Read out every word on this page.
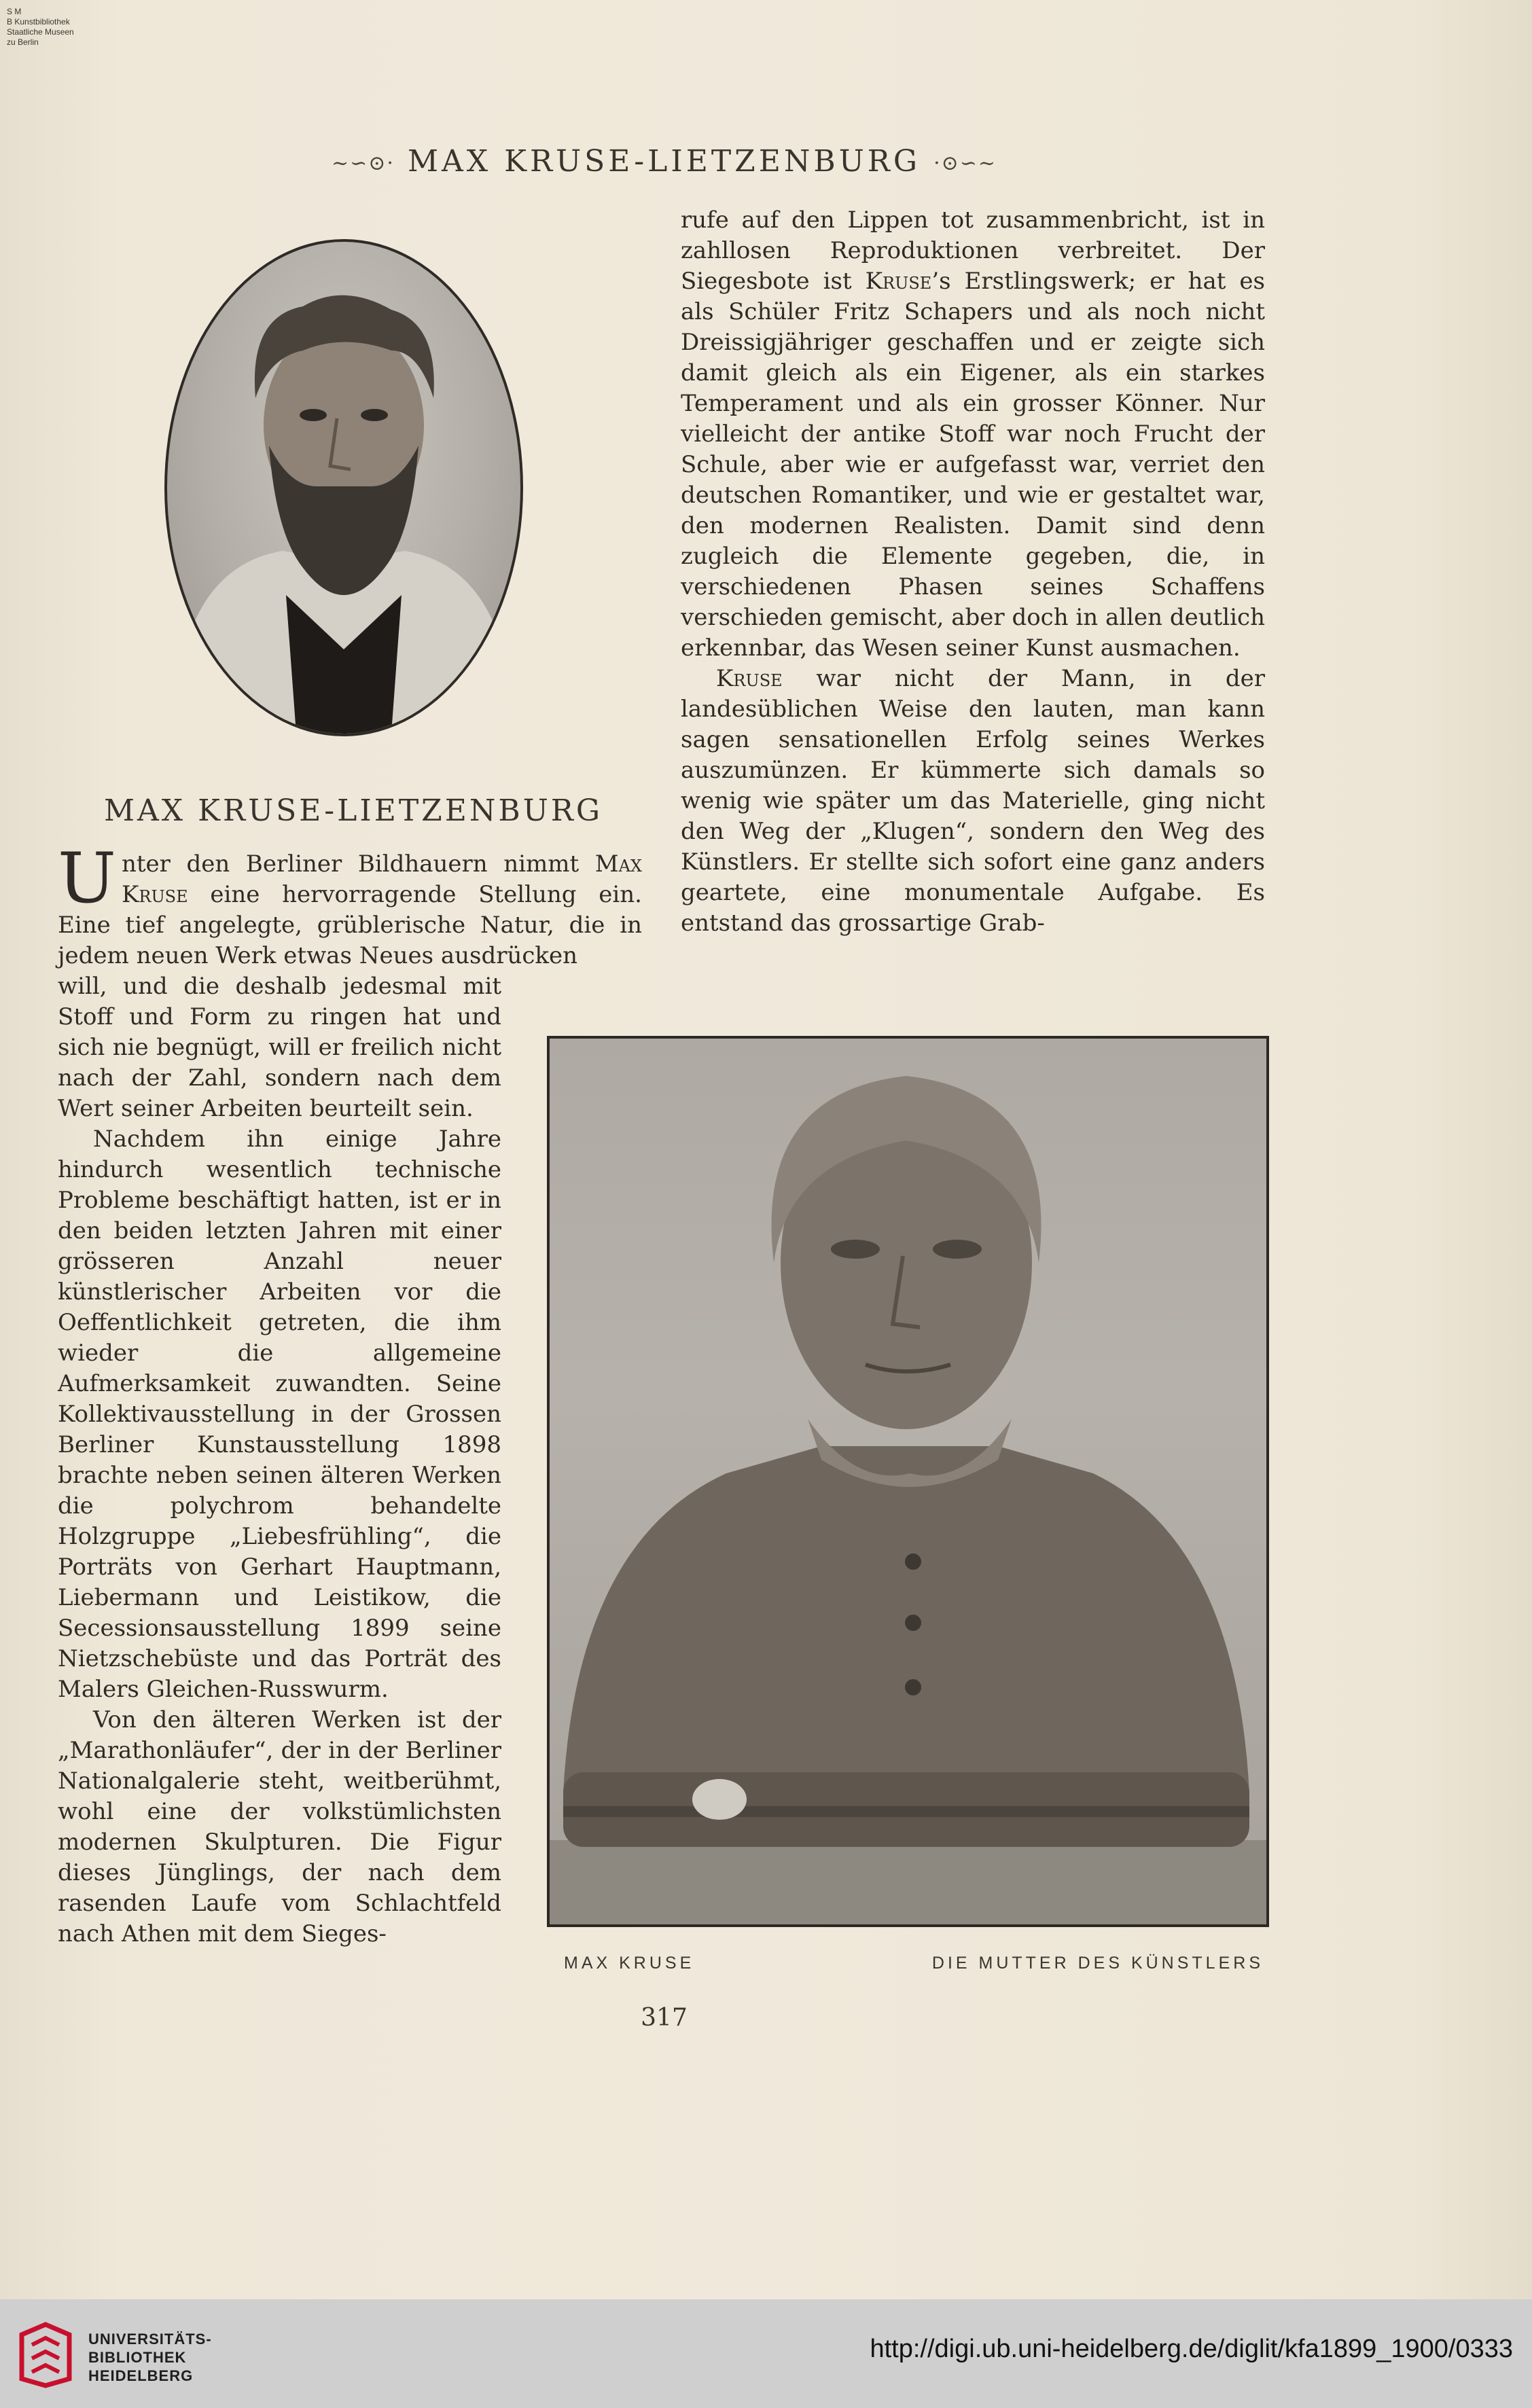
S M
B Kunstbibliothek
Staatliche Museen
zu Berlin
~∽⊙· MAX KRUSE-LIETZENBURG ·⊙∽~
MAX KRUSE-LIETZENBURG
Unter den Berliner Bildhauern nimmt Max Kruse eine hervorragende Stellung ein. Eine tief angelegte, grüblerische Natur, die in jedem neuen Werk etwas Neues ausdrücken

will, und die deshalb jedesmal mit Stoff und Form zu ringen hat und sich nie begnügt, will er freilich nicht nach der Zahl, sondern nach dem Wert seiner Arbeiten beurteilt sein.

Nachdem ihn einige Jahre hindurch wesentlich technische Probleme beschäftigt hatten, ist er in den beiden letzten Jahren mit einer grösseren Anzahl neuer künstlerischer Arbeiten vor die Oeffentlichkeit getreten, die ihm wieder die allgemeine Aufmerksamkeit zuwandten. Seine Kollektivausstellung in der Grossen Berliner Kunstausstellung 1898 brachte neben seinen älteren Werken die polychrom behandelte Holzgruppe „Liebesfrühling“, die Porträts von Gerhart Hauptmann, Liebermann und Leistikow, die Secessionsausstellung 1899 seine Nietzschebüste und das Porträt des Malers Gleichen-Russwurm.

Von den älteren Werken ist der „Marathonläufer“, der in der Berliner Nationalgalerie steht, weitberühmt, wohl eine der volkstümlichsten modernen Skulpturen. Die Figur dieses Jünglings, der nach dem rasenden Laufe vom Schlachtfeld nach Athen mit dem Sieges-

rufe auf den Lippen tot zusammenbricht, ist in zahllosen Reproduktionen verbreitet. Der Siegesbote ist Kruse’s Erstlingswerk; er hat es als Schüler Fritz Schapers und als noch nicht Dreissigjähriger geschaffen und er zeigte sich damit gleich als ein Eigener, als ein starkes Temperament und als ein grosser Könner. Nur vielleicht der antike Stoff war noch Frucht der Schule, aber wie er aufgefasst war, verriet den deutschen Romantiker, und wie er gestaltet war, den modernen Realisten. Damit sind denn zugleich die Elemente gegeben, die, in verschiedenen Phasen seines Schaffens verschieden gemischt, aber doch in allen deutlich erkennbar, das Wesen seiner Kunst ausmachen.

Kruse war nicht der Mann, in der landesüblichen Weise den lauten, man kann sagen sensationellen Erfolg seines Werkes auszumünzen. Er kümmerte sich damals so wenig wie später um das Materielle, ging nicht den Weg der „Klugen“, sondern den Weg des Künstlers. Er stellte sich sofort eine ganz anders geartete, eine monumentale Aufgabe. Es entstand das grossartige Grab-

MAX KRUSE	DIE MUTTER DES KÜNSTLERS
317
UNIVERSITÄTS-
BIBLIOTHEK
HEIDELBERG
http://digi.ub.uni-heidelberg.de/diglit/kfa1899_1900/0333
